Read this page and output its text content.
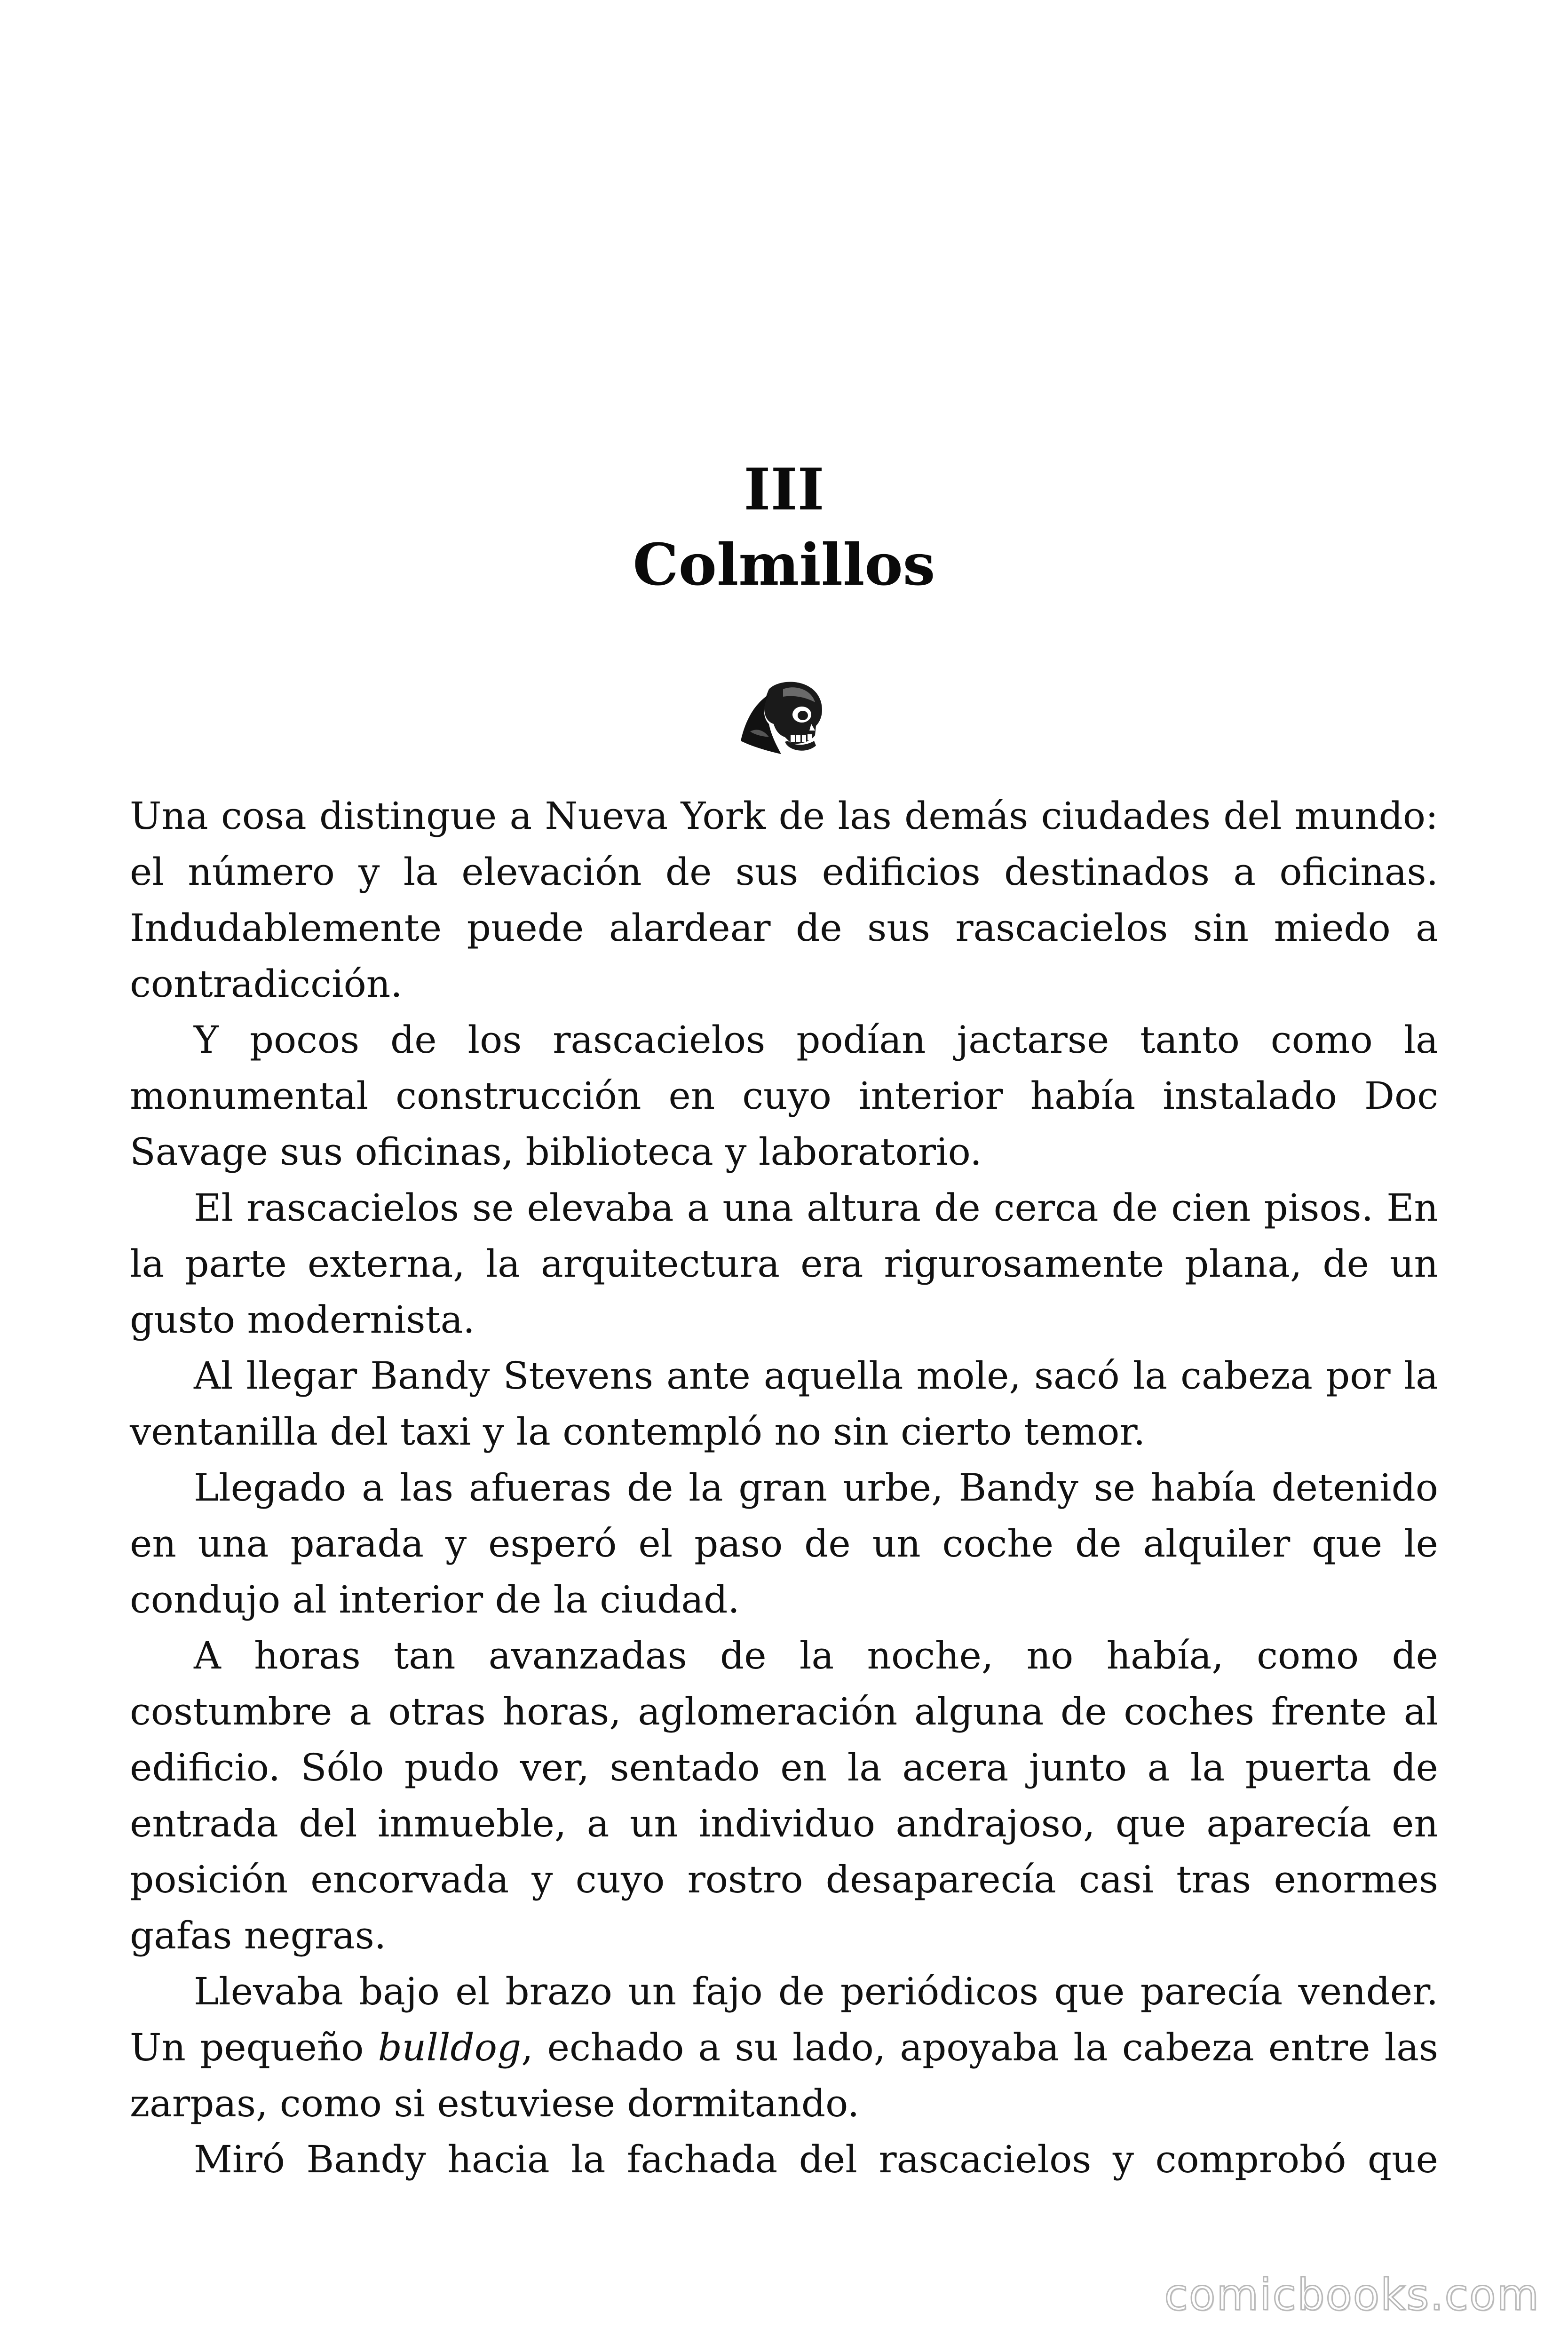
III
Colmillos

Una cosa distingue a Nueva York de las demás ciudades del mundo: el número y la elevación de sus edificios destinados a oficinas. Indudablemente puede alardear de sus rascacielos sin miedo a contradicción.

Y pocos de los rascacielos podían jactarse tanto como la monumental construcción en cuyo interior había instalado Doc Savage sus oficinas, biblioteca y laboratorio.

El rascacielos se elevaba a una altura de cerca de cien pisos. En la parte externa, la arquitectura era rigurosamente plana, de un gusto modernista.

Al llegar Bandy Stevens ante aquella mole, sacó la cabeza por la ventanilla del taxi y la contempló no sin cierto temor.

Llegado a las afueras de la gran urbe, Bandy se había detenido en una parada y esperó el paso de un coche de alquiler que le condujo al interior de la ciudad.

A horas tan avanzadas de la noche, no había, como de costumbre a otras horas, aglomeración alguna de coches frente al edificio. Sólo pudo ver, sentado en la acera junto a la puerta de entrada del inmueble, a un individuo andrajoso, que aparecía en posición encorvada y cuyo rostro desaparecía casi tras enormes gafas negras.

Llevaba bajo el brazo un fajo de periódicos que parecía vender. Un pequeño bulldog, echado a su lado, apoyaba la cabeza entre las zarpas, como si estuviese dormitando.

Miró Bandy hacia la fachada del rascacielos y comprobó que

comicbooks.com
